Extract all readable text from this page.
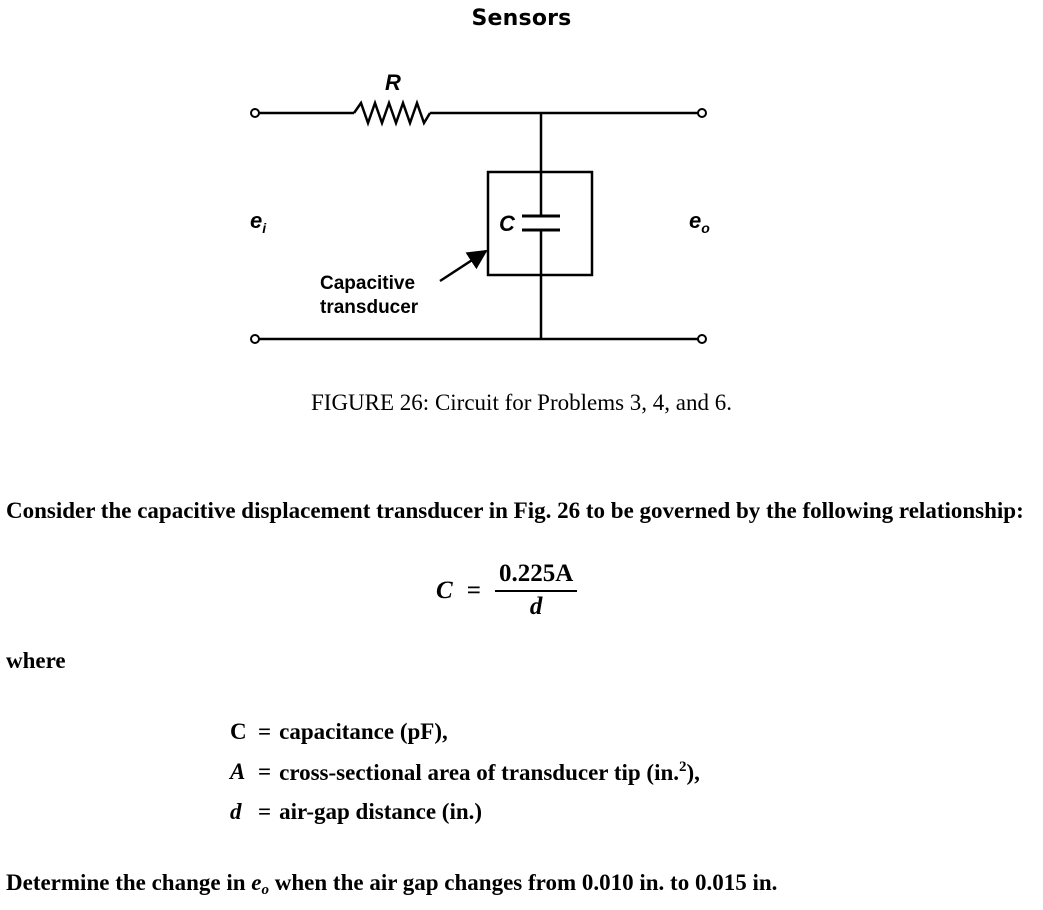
Sensors
R
C
$e_i$	$e_o$
Capacitive
transducer
FIGURE 26: Circuit for Problems 3, 4, and 6.
Consider the capacitive displacement transducer in Fig. 26 to be governed by the following relationship:
$C = \frac{0.225A}{d}$
where
C = capacitance (pF),
A = cross-sectional area of transducer tip (in.$^2$),
d = air-gap distance (in.)
Determine the change in $e_o$ when the air gap changes from 0.010 in. to 0.015 in.
